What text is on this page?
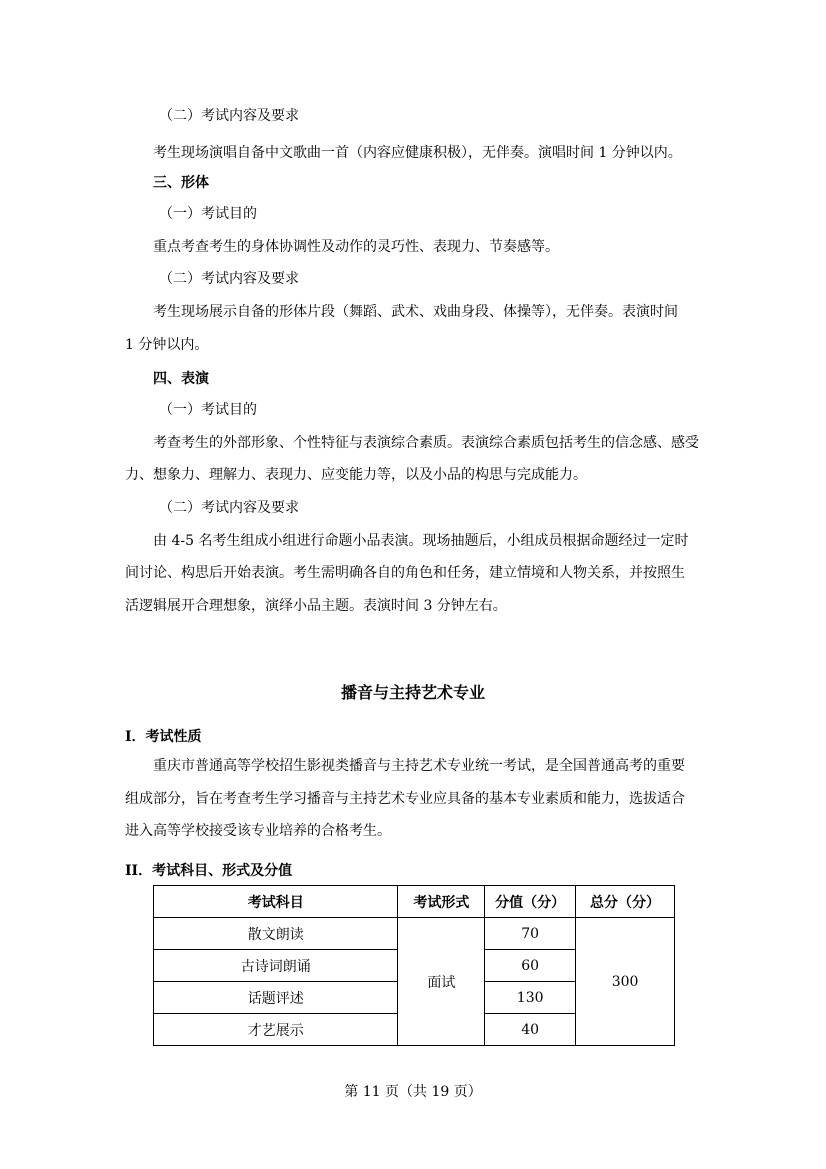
（二）考试内容及要求
考生现场演唱自备中文歌曲一首（内容应健康积极），无伴奏。演唱时间 1 分钟以内。
三、形体
（一）考试目的
重点考查考生的身体协调性及动作的灵巧性、表现力、节奏感等。
（二）考试内容及要求
考生现场展示自备的形体片段（舞蹈、武术、戏曲身段、体操等），无伴奏。表演时间
1 分钟以内。
四、表演
（一）考试目的
考查考生的外部形象、个性特征与表演综合素质。表演综合素质包括考生的信念感、感受
力、想象力、理解力、表现力、应变能力等，以及小品的构思与完成能力。
（二）考试内容及要求
由 4-5 名考生组成小组进行命题小品表演。现场抽题后，小组成员根据命题经过一定时
间讨论、构思后开始表演。考生需明确各自的角色和任务，建立情境和人物关系，并按照生
活逻辑展开合理想象，演绎小品主题。表演时间 3 分钟左右。
播音与主持艺术专业
I．考试性质
重庆市普通高等学校招生影视类播音与主持艺术专业统一考试，是全国普通高考的重要
组成部分，旨在考查考生学习播音与主持艺术专业应具备的基本专业素质和能力，选拔适合
进入高等学校接受该专业培养的合格考生。
II．考试科目、形式及分值
考试科目	考试形式	分值（分）	总分（分）
散文朗读	面试	70	300
古诗词朗诵		60	
话题评述		130	
才艺展示		40	
第 11 页（共 19 页）
